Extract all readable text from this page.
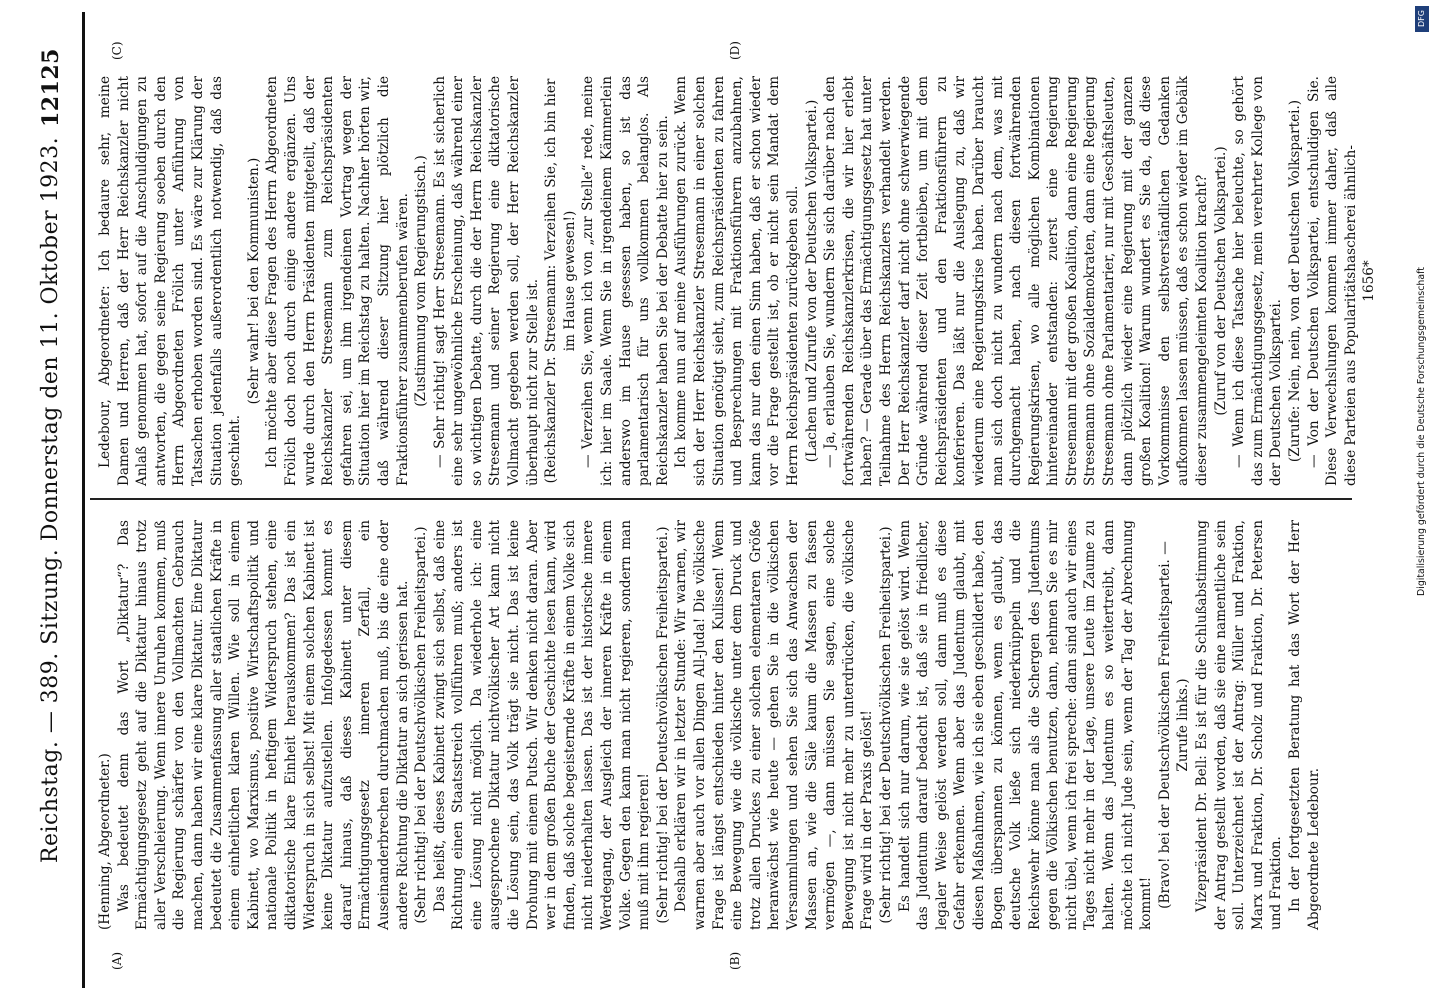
Reichstag. — 389. Sitzung. Donnerstag den 11. Oktober 1923.
12125
(A)	(B)
(C)	(D)

(Henning, Abgeordneter.) Was bedeutet denn das Wort „Diktatur“? Das Ermächtigungsgesetz geht auf die Diktatur hinaus trotz aller Verschleierung. Wenn innere Unruhen kommen, muß die Regierung schärfer von den Vollmachten Gebrauch machen, dann haben wir eine klare Diktatur. Eine Diktatur bedeutet die Zusammenfassung aller staatlichen Kräfte in einem einheitlichen klaren Willen. Wie soll in einem Kabinett, wo Marxismus, positive Wirtschaftspolitik und nationale Politik in heftigem Widerspruch stehen, eine diktatorische klare Einheit herauskommen? Das ist ein Widerspruch in sich selbst! Mit einem solchen Kabinett ist keine Diktatur aufzustellen. Infolgedessen kommt es darauf hinaus, daß dieses Kabinett unter diesem Ermächtigungsgesetz inneren Zerfall, ein Auseinanderbrechen durchmachen muß, bis die eine oder andere Richtung die Diktatur an sich gerissen hat. (Sehr richtig! bei der Deutschvölkischen Freiheitspartei.) Das heißt, dieses Kabinett zwingt sich selbst, daß eine Richtung einen Staatsstreich vollführen muß; anders ist eine Lösung nicht möglich. Da wiederhole ich: eine ausgesprochene Diktatur nichtvölkischer Art kann nicht die Lösung sein, das Volk trägt sie nicht. Das ist keine Drohung mit einem Putsch. Wir denken nicht daran. Aber wer in dem großen Buche der Geschichte lesen kann, wird finden, daß solche begeisternde Kräfte in einem Volke sich nicht niederhalten lassen. Das ist der historische innere Werdegang, der Ausgleich der inneren Kräfte in einem Volke. Gegen den kann man nicht regieren, sondern man muß mit ihm regieren! (Sehr richtig! bei der Deutschvölkischen Freiheitspartei.) Deshalb erklären wir in letzter Stunde: Wir warnen, wir warnen aber auch vor allen Dingen All-Juda! Die völkische Frage ist längst entschieden hinter den Kulissen! Wenn eine Bewegung wie die völkische unter dem Druck und trotz allen Druckes zu einer solchen elementaren Größe heranwächst wie heute — gehen Sie in die völkischen Versammlungen und sehen Sie sich das Anwachsen der Massen an, wie die Säle kaum die Massen zu fassen vermögen —, dann müssen Sie sagen, eine solche Bewegung ist nicht mehr zu unterdrücken, die völkische Frage wird in der Praxis gelöst! (Sehr richtig! bei der Deutschvölkischen Freiheitspartei.) Es handelt sich nur darum, wie sie gelöst wird. Wenn das Judentum darauf bedacht ist, daß sie in friedlicher, legaler Weise gelöst werden soll, dann muß es diese Gefahr erkennen. Wenn aber das Judentum glaubt, mit diesen Maßnahmen, wie ich sie eben geschildert habe, den Bogen überspannen zu können, wenn es glaubt, das deutsche Volk ließe sich niederknüppeln und die Reichswehr könne man als die Schergen des Judentums gegen die Völkischen benutzen, dann, nehmen Sie es mir nicht übel, wenn ich frei spreche: dann sind auch wir eines Tages nicht mehr in der Lage, unsere Leute im Zaume zu halten. Wenn das Judentum es so weitertreibt, dann möchte ich nicht Jude sein, wenn der Tag der Abrechnung kommt! (Bravo! bei der Deutschvölkischen Freiheitspartei. — Zurufe links.) Vizepräsident Dr. Bell: Es ist für die Schlußabstimmung der Antrag gestellt worden, daß sie eine namentliche sein soll. Unterzeichnet ist der Antrag: Müller und Fraktion, Marx und Fraktion, Dr. Scholz und Fraktion, Dr. Petersen und Fraktion. In der fortgesetzten Beratung hat das Wort der Herr Abgeordnete Ledebour.

Ledebour, Abgeordneter: Ich bedaure sehr, meine Damen und Herren, daß der Herr Reichskanzler nicht Anlaß genommen hat, sofort auf die Anschuldigungen zu antworten, die gegen seine Regierung soeben durch den Herrn Abgeordneten Frölich unter Anführung von Tatsachen erhoben worden sind. Es wäre zur Klärung der Situation jedenfalls außerordentlich notwendig, daß das geschieht.

(Sehr wahr! bei den Kommunisten.) Ich möchte aber diese Fragen des Herrn Abgeordneten Frölich doch noch durch einige andere ergänzen. Uns wurde durch den Herrn Präsidenten mitgeteilt, daß der Reichskanzler Stresemann zum Reichspräsidenten gefahren sei, um ihm irgendeinen Vortrag wegen der Situation hier im Reichstag zu halten. Nachher hörten wir, daß während dieser Sitzung hier plötzlich die Fraktionsführer zusammenberufen wären. (Zustimmung vom Regierungstisch.) — Sehr richtig! sagt Herr Stresemann. Es ist sicherlich eine sehr ungewöhnliche Erscheinung, daß während einer so wichtigen Debatte, durch die der Herrn Reichskanzler Stresemann und seiner Regierung eine diktatorische Vollmacht gegeben werden soll, der Herr Reichskanzler überhaupt nicht zur Stelle ist. (Reichskanzler Dr. Stresemann: Verzeihen Sie, ich bin hier im Hause gewesen!) — Verzeihen Sie, wenn ich von „zur Stelle“ rede, meine ich: hier im Saale. Wenn Sie in irgendeinem Kämmerlein anderswo im Hause gesessen haben, so ist das parlamentarisch für uns vollkommen belanglos. Als Reichskanzler haben Sie bei der Debatte hier zu sein. Ich komme nun auf meine Ausführungen zurück. Wenn sich der Herr Reichskanzler Stresemann in einer solchen Situation genötigt sieht, zum Reichspräsidenten zu fahren und Besprechungen mit Fraktionsführern anzubahnen, kann das nur den einen Sinn haben, daß er schon wieder vor die Frage gestellt ist, ob er nicht sein Mandat dem Herrn Reichspräsidenten zurückgeben soll. (Lachen und Zurufe von der Deutschen Volkspartei.) — Ja, erlauben Sie, wundern Sie sich darüber nach den fortwährenden Reichskanzlerkrisen, die wir hier erlebt haben? — Gerade über das Ermächtigungsgesetz hat unter Teilnahme des Herrn Reichskanzlers verhandelt werden. Der Herr Reichskanzler darf nicht ohne schwerwiegende Gründe während dieser Zeit fortbleiben, um mit dem Reichspräsidenten und den Fraktionsführern zu konferieren. Das läßt nur die Auslegung zu, daß wir wiederum eine Regierungskrise haben. Darüber braucht man sich doch nicht zu wundern nach dem, was mit durchgemacht haben, nach diesen fortwährenden Regierungskrisen, wo alle möglichen Kombinationen hintereinander entstanden: zuerst eine Regierung Stresemann mit der großen Koalition, dann eine Regierung Stresemann ohne Sozialdemokraten, dann eine Regierung Stresemann ohne Parlamentarier, nur mit Geschäftsleuten, dann plötzlich wieder eine Regierung mit der ganzen großen Koalition! Warum wundert es Sie da, daß diese Vorkommnisse den selbstverständlichen Gedanken aufkommen lassen müssen, daß es schon wieder im Gebälk dieser zusammengeleimten Koalition kracht? (Zuruf von der Deutschen Volkspartei.) — Wenn ich diese Tatsache hier beleuchte, so gehört das zum Ermächtigungsgesetz, mein verehrter Kollege von der Deutschen Volkspartei. (Zurufe: Nein, nein, von der Deutschen Volkspartei.) — Von der Deutschen Volkspartei, entschuldigen Sie. Diese Verwechslungen kommen immer daher, daß alle diese Parteien aus Popularitätshascherei ähnlich- 1656*

DFG
Digitalisierung gefördert durch die Deutsche Forschungsgemeinschaft
